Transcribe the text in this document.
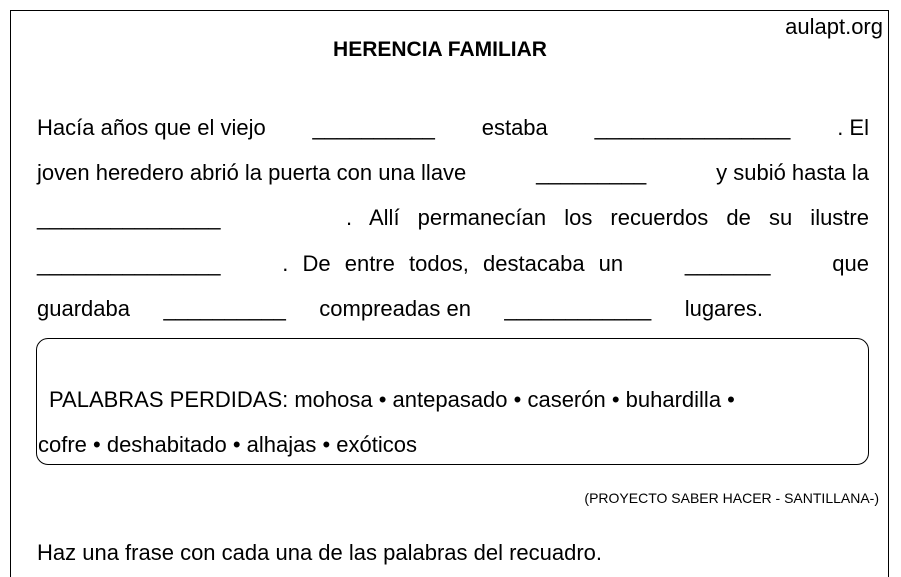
aulapt.org
HERENCIA FAMILIAR
Hacía años que el viejo __________ estaba ________________ . El
joven heredero abrió la puerta con una llave	_________	y subió hasta la
_______________	. Allí permanecían los recuerdos de su ilustre
_______________	. De entre todos, destacaba un	_______	que
guardaba __________ compreadas en ____________ lugares.
PALABRAS PERDIDAS: mohosa • antepasado • caserón • buhardilla •
cofre • deshabitado • alhajas • exóticos
(PROYECTO SABER HACER - SANTILLANA-)
Haz una frase con cada una de las palabras del recuadro.
